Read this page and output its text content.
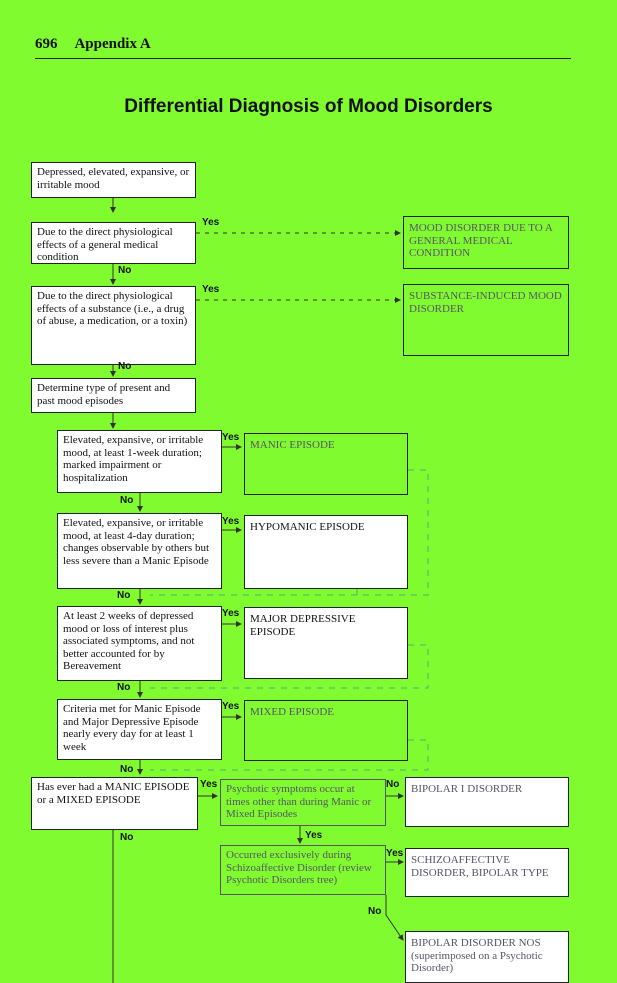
696 Appendix A
Differential Diagnosis of Mood Disorders
Depressed, elevated, expansive, or irritable mood
Due to the direct physiological effects of a general medical condition
Due to the direct physiological effects of a substance (i.e., a drug of abuse, a medication, or a toxin)
Determine type of present and past mood episodes
Elevated, expansive, or irritable mood, at least 1-week duration; marked impairment or hospitalization
Elevated, expansive, or irritable mood, at least 4-day duration; changes observable by others but less severe than a Manic Episode
At least 2 weeks of depressed mood or loss of interest plus associated symptoms, and not better accounted for by Bereavement
Criteria met for Manic Episode and Major Depressive Episode nearly every day for at least 1 week
Has ever had a MANIC EPISODE or a MIXED EPISODE
Psychotic symptoms occur at times other than during Manic or Mixed Episodes
Occurred exclusively during Schizoaffective Disorder (review Psychotic Disorders tree)
MOOD DISORDER DUE TO A GENERAL MEDICAL CONDITION
SUBSTANCE-INDUCED MOOD DISORDER
MANIC EPISODE
HYPOMANIC EPISODE
MAJOR DEPRESSIVE EPISODE
MIXED EPISODE
BIPOLAR I DISORDER
SCHIZOAFFECTIVE DISORDER, BIPOLAR TYPE
BIPOLAR DISORDER NOS (superimposed on a Psychotic Disorder)
Yes
No
Yes
No
Yes
No
Yes
No
Yes
No
Yes
No
Yes	No
No	Yes
Yes
No
